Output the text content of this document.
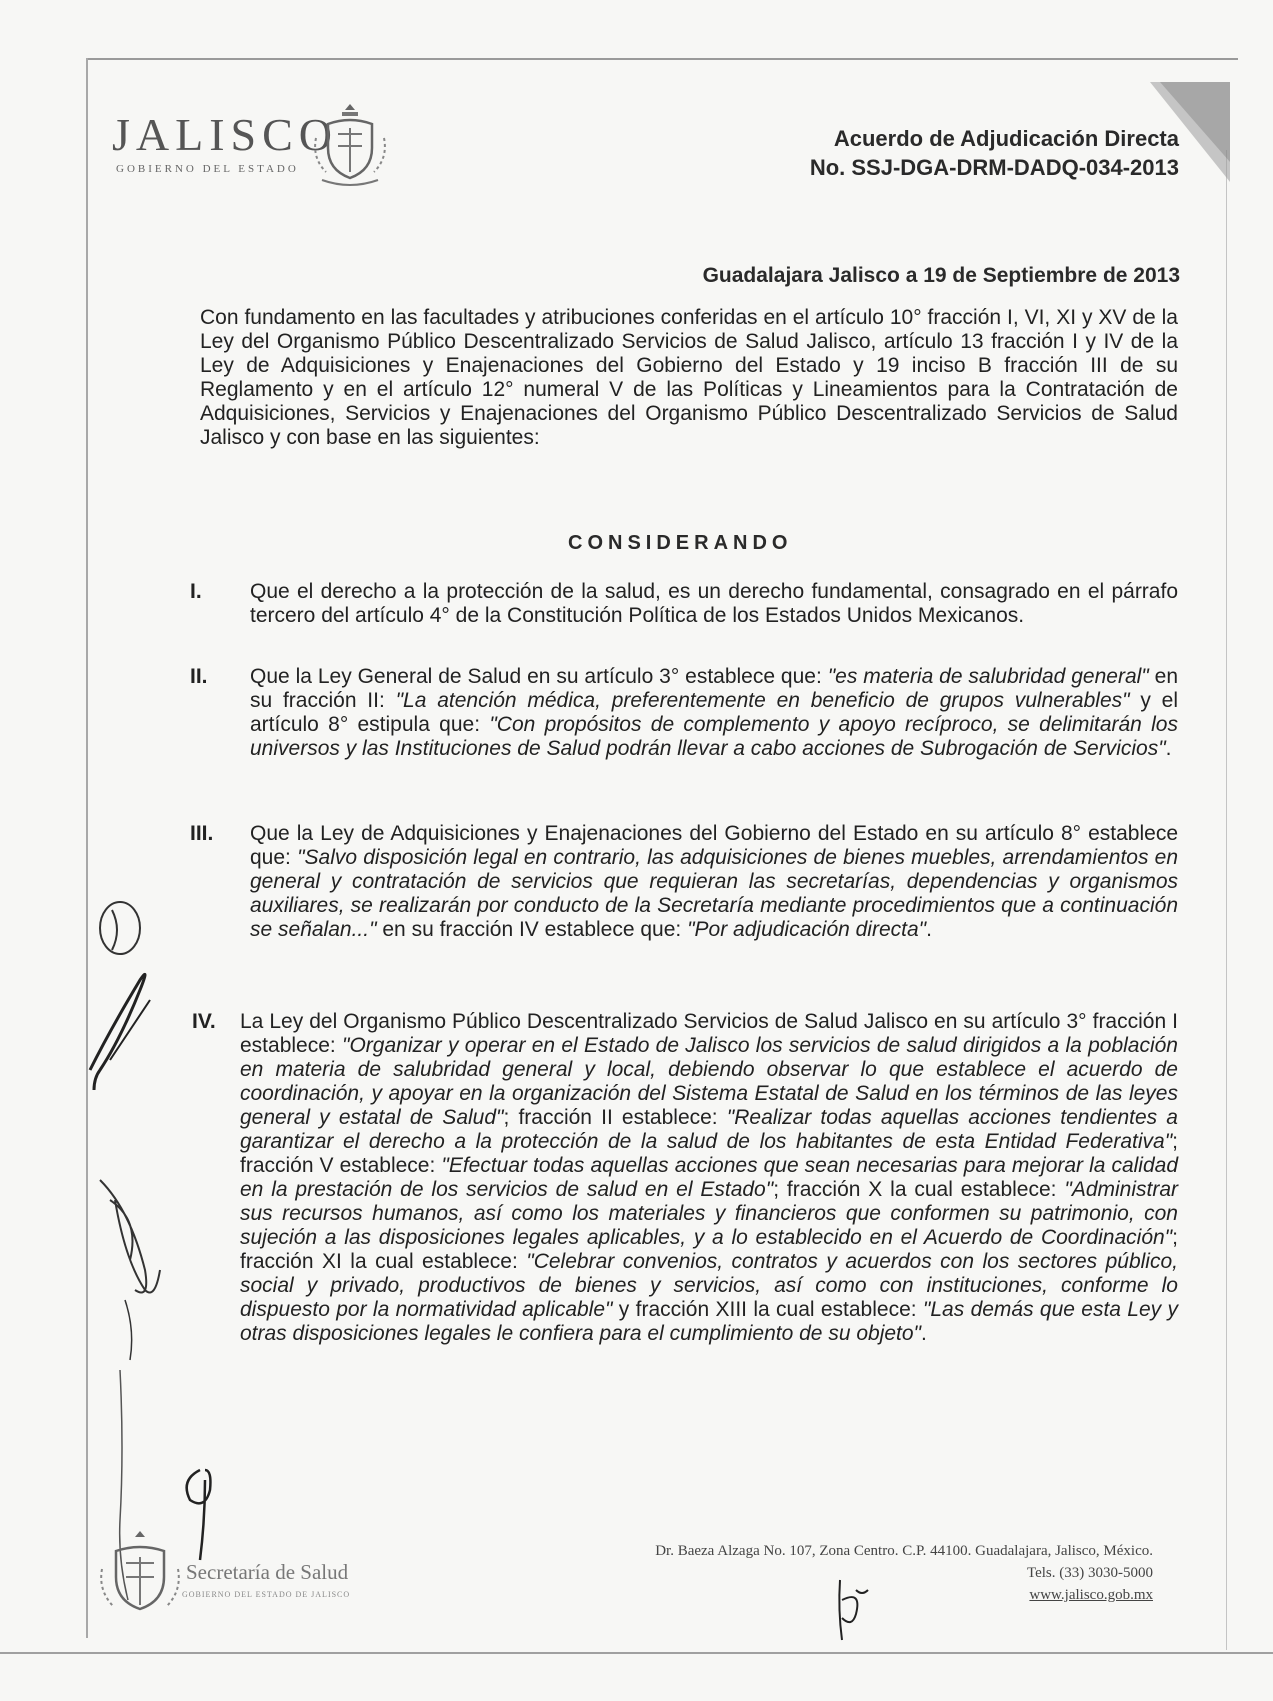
JALISCO
GOBIERNO DEL ESTADO
Acuerdo de Adjudicación Directa
No. SSJ-DGA-DRM-DADQ-034-2013
Guadalajara Jalisco a 19 de Septiembre de 2013
Con fundamento en las facultades y atribuciones conferidas en el artículo 10° fracción I, VI, XI y XV de la Ley del Organismo Público Descentralizado Servicios de Salud Jalisco, artículo 13 fracción I y IV de la Ley de Adquisiciones y Enajenaciones del Gobierno del Estado y 19 inciso B fracción III de su Reglamento y en el artículo 12° numeral V de las Políticas y Lineamientos para la Contratación de Adquisiciones, Servicios y Enajenaciones del Organismo Público Descentralizado Servicios de Salud Jalisco y con base en las siguientes:
CONSIDERANDO
I. Que el derecho a la protección de la salud, es un derecho fundamental, consagrado en el párrafo tercero del artículo 4° de la Constitución Política de los Estados Unidos Mexicanos.
II. Que la Ley General de Salud en su artículo 3° establece que: "es materia de salubridad general" en su fracción II: "La atención médica, preferentemente en beneficio de grupos vulnerables" y el artículo 8° estipula que: "Con propósitos de complemento y apoyo recíproco, se delimitarán los universos y las Instituciones de Salud podrán llevar a cabo acciones de Subrogación de Servicios".
III. Que la Ley de Adquisiciones y Enajenaciones del Gobierno del Estado en su artículo 8° establece que: "Salvo disposición legal en contrario, las adquisiciones de bienes muebles, arrendamientos en general y contratación de servicios que requieran las secretarías, dependencias y organismos auxiliares, se realizarán por conducto de la Secretaría mediante procedimientos que a continuación se señalan..." en su fracción IV establece que: "Por adjudicación directa".
IV. La Ley del Organismo Público Descentralizado Servicios de Salud Jalisco en su artículo 3° fracción I establece: "Organizar y operar en el Estado de Jalisco los servicios de salud dirigidos a la población en materia de salubridad general y local, debiendo observar lo que establece el acuerdo de coordinación, y apoyar en la organización del Sistema Estatal de Salud en los términos de las leyes general y estatal de Salud"; fracción II establece: "Realizar todas aquellas acciones tendientes a garantizar el derecho a la protección de la salud de los habitantes de esta Entidad Federativa"; fracción V establece: "Efectuar todas aquellas acciones que sean necesarias para mejorar la calidad en la prestación de los servicios de salud en el Estado"; fracción X la cual establece: "Administrar sus recursos humanos, así como los materiales y financieros que conformen su patrimonio, con sujeción a las disposiciones legales aplicables, y a lo establecido en el Acuerdo de Coordinación"; fracción XI la cual establece: "Celebrar convenios, contratos y acuerdos con los sectores público, social y privado, productivos de bienes y servicios, así como con instituciones, conforme lo dispuesto por la normatividad aplicable" y fracción XIII la cual establece: "Las demás que esta Ley y otras disposiciones legales le confiera para el cumplimiento de su objeto".
Secretaría de Salud
GOBIERNO DEL ESTADO DE JALISCO
Dr. Baeza Alzaga No. 107, Zona Centro. C.P. 44100. Guadalajara, Jalisco, México.
Tels. (33) 3030-5000
www.jalisco.gob.mx
